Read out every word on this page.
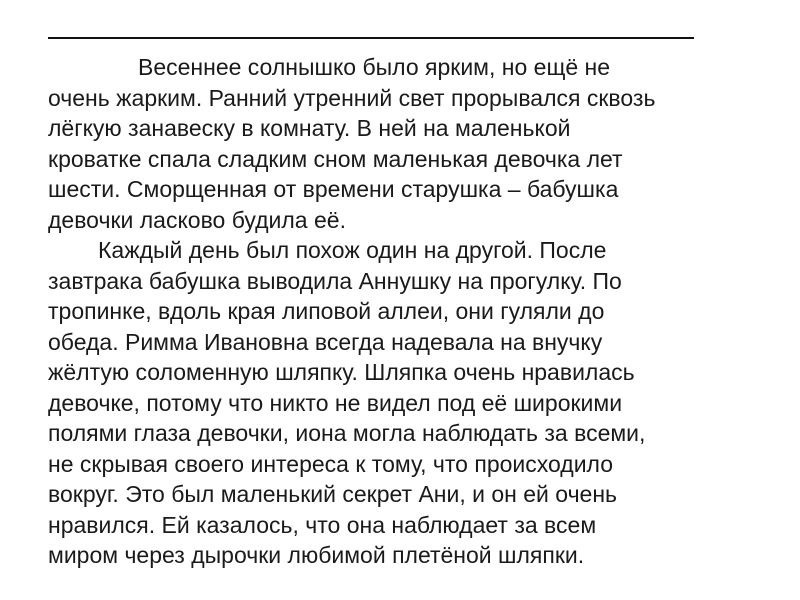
Весеннее солнышко было ярким, но ещё не
очень жарким. Ранний утренний свет прорывался сквозь
лёгкую занавеску в комнату. В ней на маленькой
кроватке спала сладким сном маленькая девочка лет
шести. Сморщенная от времени старушка – бабушка
девочки ласково будила её.
Каждый день был похож один на другой. После
завтрака бабушка выводила Аннушку на прогулку. По
тропинке, вдоль края липовой аллеи, они гуляли до
обеда. Римма Ивановна всегда надевала на внучку
жёлтую соломенную шляпку. Шляпка очень нравилась
девочке, потому что никто не видел под её широкими
полями глаза девочки, иона могла наблюдать за всеми,
не скрывая своего интереса к тому, что происходило
вокруг. Это был маленький секрет Ани, и он ей очень
нравился. Ей казалось, что она наблюдает за всем
миром через дырочки любимой плетёной шляпки.
